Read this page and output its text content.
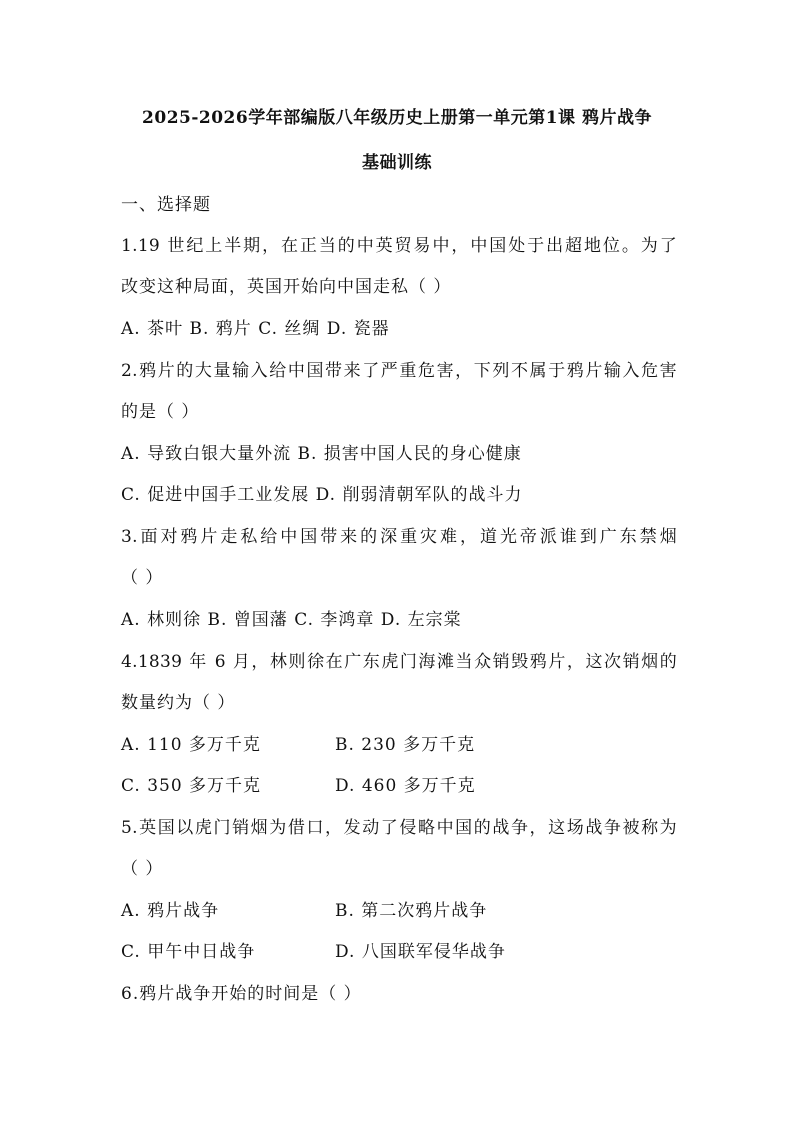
2025-2026学年部编版八年级历史上册第一单元第1课 鸦片战争
基础训练
一、选择题
1.19 世纪上半期，在正当的中英贸易中，中国处于出超地位。为了
改变这种局面，英国开始向中国走私（ ）
A. 茶叶 B. 鸦片 C. 丝绸 D. 瓷器
2.鸦片的大量输入给中国带来了严重危害，下列不属于鸦片输入危害
的是（ ）
A. 导致白银大量外流 B. 损害中国人民的身心健康
C. 促进中国手工业发展 D. 削弱清朝军队的战斗力
3.面对鸦片走私给中国带来的深重灾难，道光帝派谁到广东禁烟
（ ）
A. 林则徐 B. 曾国藩 C. 李鸿章 D. 左宗棠
4.1839 年 6 月，林则徐在广东虎门海滩当众销毁鸦片，这次销烟的
数量约为（ ）
A. 110 多万千克	B. 230 多万千克
C. 350 多万千克	D. 460 多万千克
5.英国以虎门销烟为借口，发动了侵略中国的战争，这场战争被称为
（ ）
A. 鸦片战争	B. 第二次鸦片战争
C. 甲午中日战争	D. 八国联军侵华战争
6.鸦片战争开始的时间是（ ）
